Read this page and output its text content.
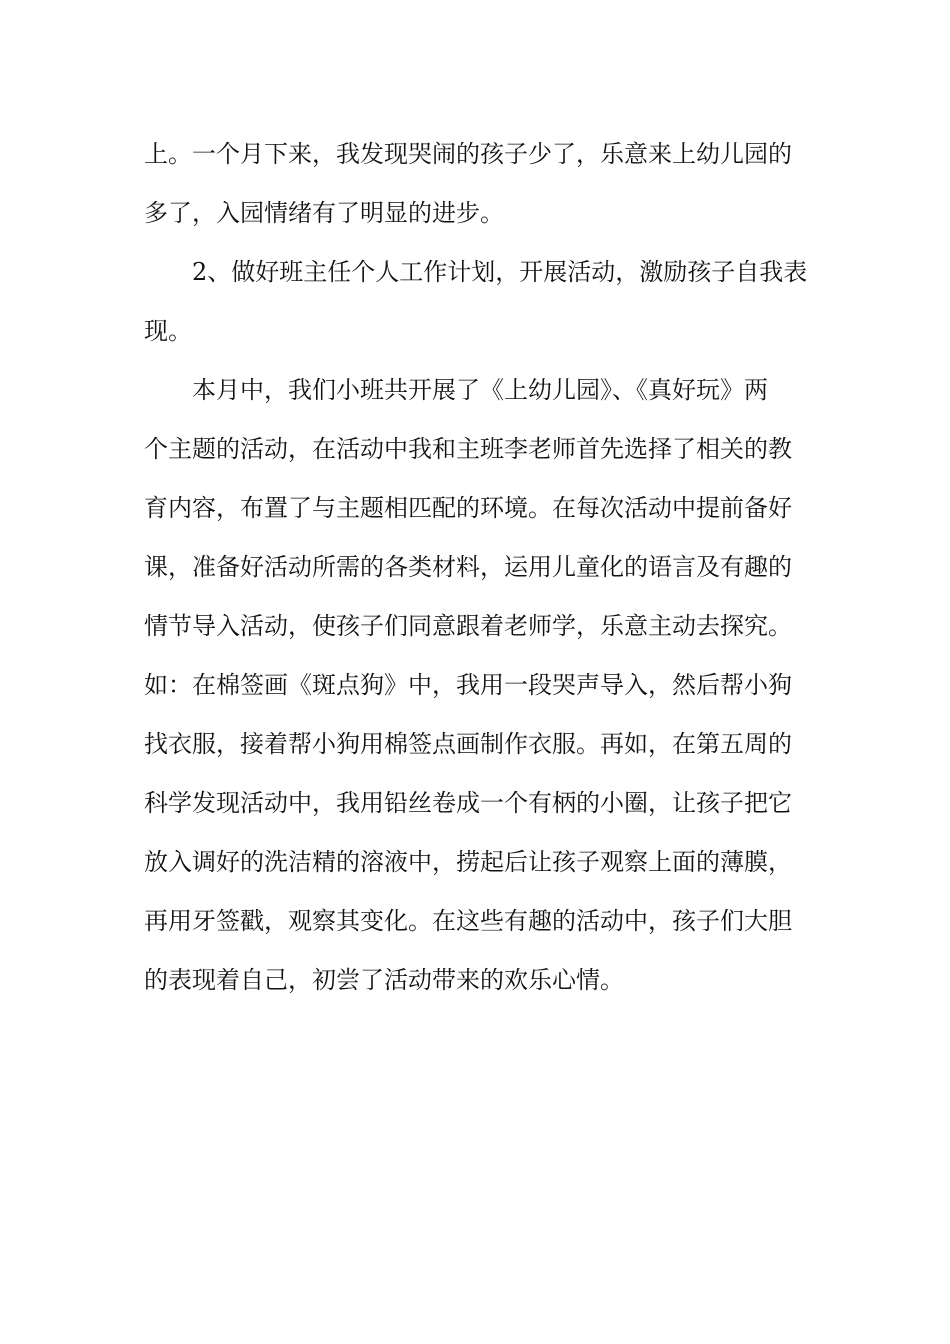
上。一个月下来，我发现哭闹的孩子少了，乐意来上幼儿园的
多了，入园情绪有了明显的进步。
2、做好班主任个人工作计划，开展活动，激励孩子自我表
现。
本月中，我们小班共开展了《上幼儿园》、《真好玩》两
个主题的活动，在活动中我和主班李老师首先选择了相关的教
育内容，布置了与主题相匹配的环境。在每次活动中提前备好
课，准备好活动所需的各类材料，运用儿童化的语言及有趣的
情节导入活动，使孩子们同意跟着老师学，乐意主动去探究。
如：在棉签画《斑点狗》中，我用一段哭声导入，然后帮小狗
找衣服，接着帮小狗用棉签点画制作衣服。再如，在第五周的
科学发现活动中，我用铅丝卷成一个有柄的小圈，让孩子把它
放入调好的洗洁精的溶液中，捞起后让孩子观察上面的薄膜，
再用牙签戳，观察其变化。在这些有趣的活动中，孩子们大胆
的表现着自己，初尝了活动带来的欢乐心情。
